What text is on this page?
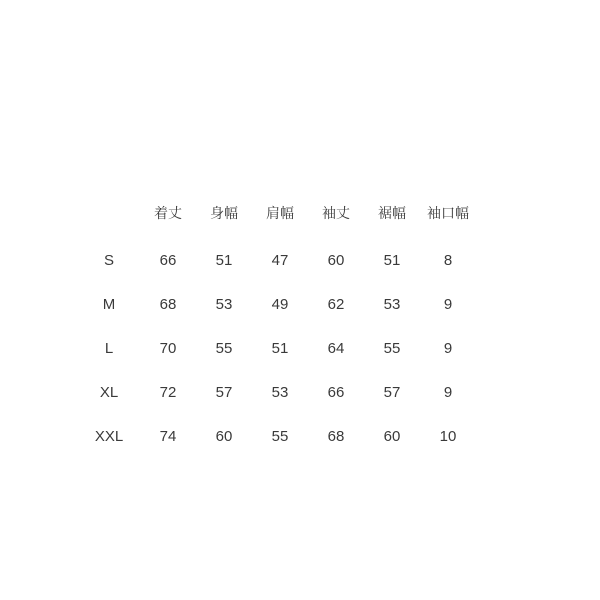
	着丈	身幅	肩幅	袖丈	裾幅	袖口幅
S	66	51	47	60	51	8
M	68	53	49	62	53	9
L	70	55	51	64	55	9
XL	72	57	53	66	57	9
XXL	74	60	55	68	60	10
